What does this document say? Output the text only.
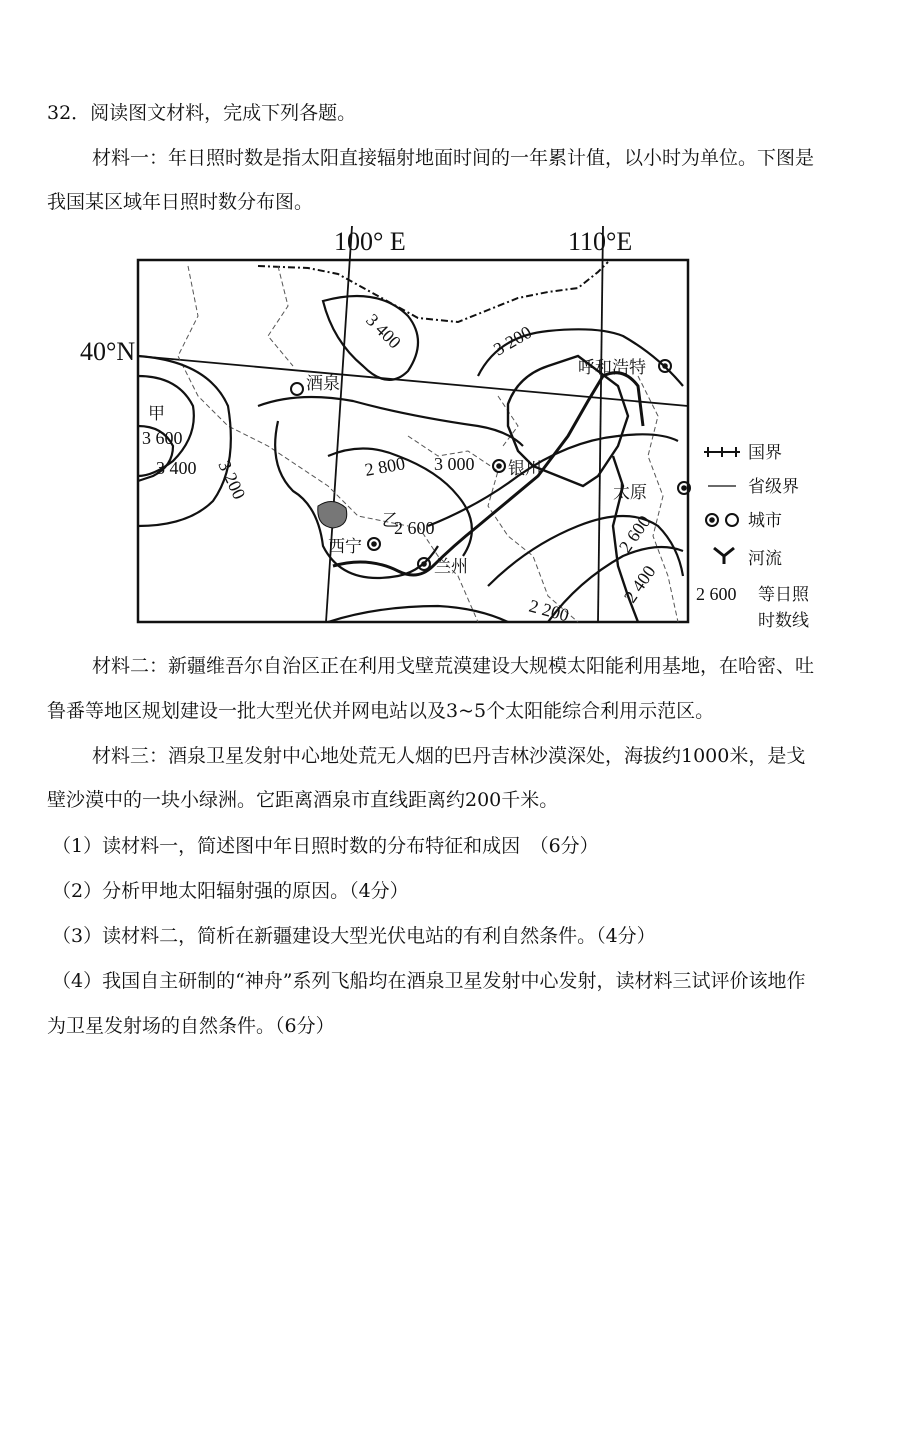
32．阅读图文材料，完成下列各题。
材料一：年日照时数是指太阳直接辐射地面时间的一年累计值，以小时为单位。下图是
我国某区域年日照时数分布图。
100° E	110°E
40°N
酒泉
呼和浩特
银川
太原
西宁
兰州
甲
乙
3 400	3 200
3 600
3 400 3 200	2 800 3 000
2 600	2 600
2 400
2 200
国界
省级界
城市
河流
2 600 等日照
时数线
材料二：新疆维吾尔自治区正在利用戈壁荒漠建设大规模太阳能利用基地，在哈密、吐
鲁番等地区规划建设一批大型光伏并网电站以及3~5个太阳能综合利用示范区。
材料三：酒泉卫星发射中心地处荒无人烟的巴丹吉林沙漠深处，海拔约1000米，是戈
壁沙漠中的一块小绿洲。它距离酒泉市直线距离约200千米。
（1）读材料一，简述图中年日照时数的分布特征和成因　（6分）
（2）分析甲地太阳辐射强的原因。（4分）
（3）读材料二，简析在新疆建设大型光伏电站的有利自然条件。（4分）
（4）我国自主研制的“神舟”系列飞船均在酒泉卫星发射中心发射，读材料三试评价该地作
为卫星发射场的自然条件。（6分）
